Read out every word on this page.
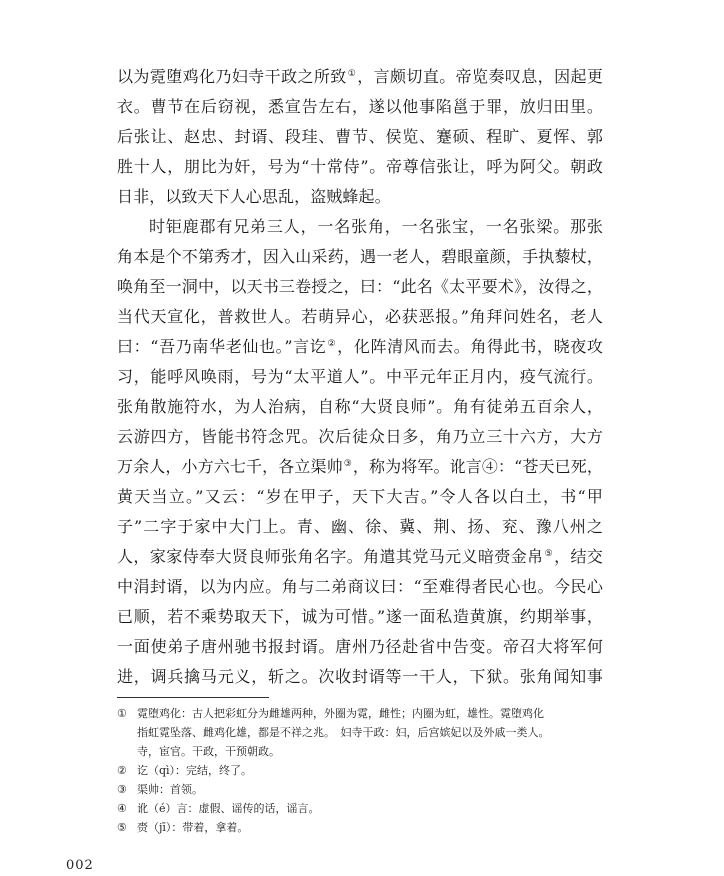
以为霓堕鸡化乃妇寺干政之所致①，言颇切直。帝览奏叹息，因起更
衣。曹节在后窃视，悉宣告左右，遂以他事陷邕于罪，放归田里。
后张让、赵忠、封谞、段珪、曹节、侯览、蹇硕、程旷、夏恽、郭
胜十人，朋比为奸，号为“十常侍”。帝尊信张让，呼为阿父。朝政
日非，以致天下人心思乱，盗贼蜂起。
时钜鹿郡有兄弟三人，一名张角，一名张宝，一名张梁。那张
角本是个不第秀才，因入山采药，遇一老人，碧眼童颜，手执藜杖，
唤角至一洞中，以天书三卷授之，曰：“此名《太平要术》，汝得之，
当代天宣化，普救世人。若萌异心，必获恶报。”角拜问姓名，老人
曰：“吾乃南华老仙也。”言讫②，化阵清风而去。角得此书，晓夜攻
习，能呼风唤雨，号为“太平道人”。中平元年正月内，疫气流行。
张角散施符水，为人治病，自称“大贤良师”。角有徒弟五百余人，
云游四方，皆能书符念咒。次后徒众日多，角乃立三十六方，大方
万余人，小方六七千，各立渠帅③，称为将军。讹言④：“苍天已死，
黄天当立。”又云：“岁在甲子，天下大吉。”令人各以白土，书“甲
子”二字于家中大门上。青、幽、徐、冀、荆、扬、兖、豫八州之
人，家家侍奉大贤良师张角名字。角遣其党马元义暗赍金帛⑤，结交
中涓封谞，以为内应。角与二弟商议曰：“至难得者民心也。今民心
已顺，若不乘势取天下，诚为可惜。”遂一面私造黄旗，约期举事，
一面使弟子唐州驰书报封谞。唐州乃径赴省中告变。帝召大将军何
进，调兵擒马元义，斩之。次收封谞等一干人，下狱。张角闻知事
① 霓堕鸡化：古人把彩虹分为雌雄两种，外圈为霓，雌性；内圈为虹，雄性。霓堕鸡化
指虹霓坠落、雌鸡化雄，都是不祥之兆。　妇寺干政：妇，后宫嫔妃以及外戚一类人。
寺，宦官。干政，干预朝政。
② 讫（qì）：完结，终了。
③ 渠帅：首领。
④ 讹（é）言：虚假、谣传的话，谣言。
⑤ 赍（jī）：带着，拿着。
002
